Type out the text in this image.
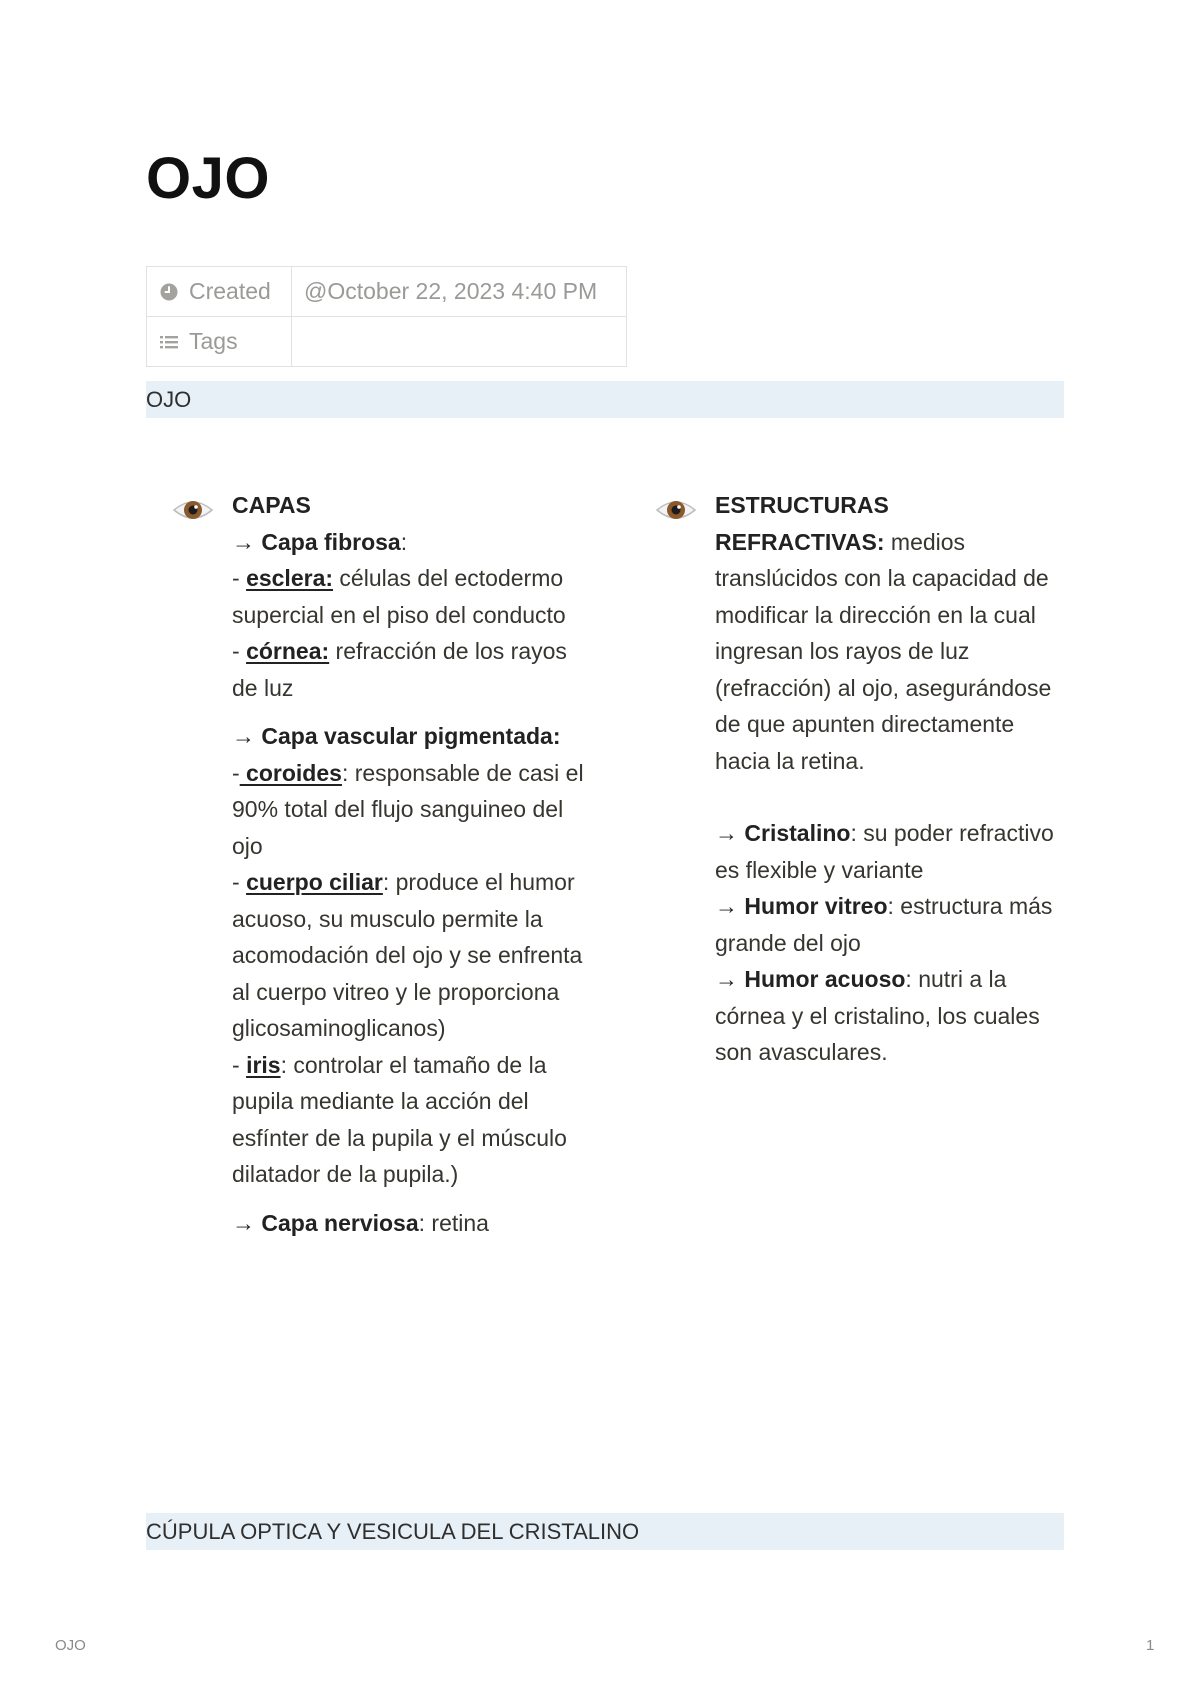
OJO
Created	@October 22, 2023 4:40 PM
Tags	
OJO
CAPAS
→ Capa fibrosa:
- esclera: células del ectodermo supercial en el piso del conducto
- córnea: refracción de los rayos de luz
→ Capa vascular pigmentada:
- coroides: responsable de casi el 90% total del flujo sanguineo del ojo
- cuerpo ciliar: produce el humor acuoso, su musculo permite la acomodación del ojo y se enfrenta al cuerpo vitreo y le proporciona glicosaminoglicanos)
- iris: controlar el tamaño de la pupila mediante la acción del esfínter de la pupila y el músculo dilatador de la pupila.)
→ Capa nerviosa: retina
ESTRUCTURAS REFRACTIVAS: medios translúcidos con la capacidad de modificar la dirección en la cual ingresan los rayos de luz (refracción) al ojo, asegurándose de que apunten directamente hacia la retina.
→ Cristalino: su poder refractivo es flexible y variante
→ Humor vitreo: estructura más grande del ojo
→ Humor acuoso: nutri a la córnea y el cristalino, los cuales son avasculares.
CÚPULA OPTICA Y VESICULA DEL CRISTALINO
OJO	1
